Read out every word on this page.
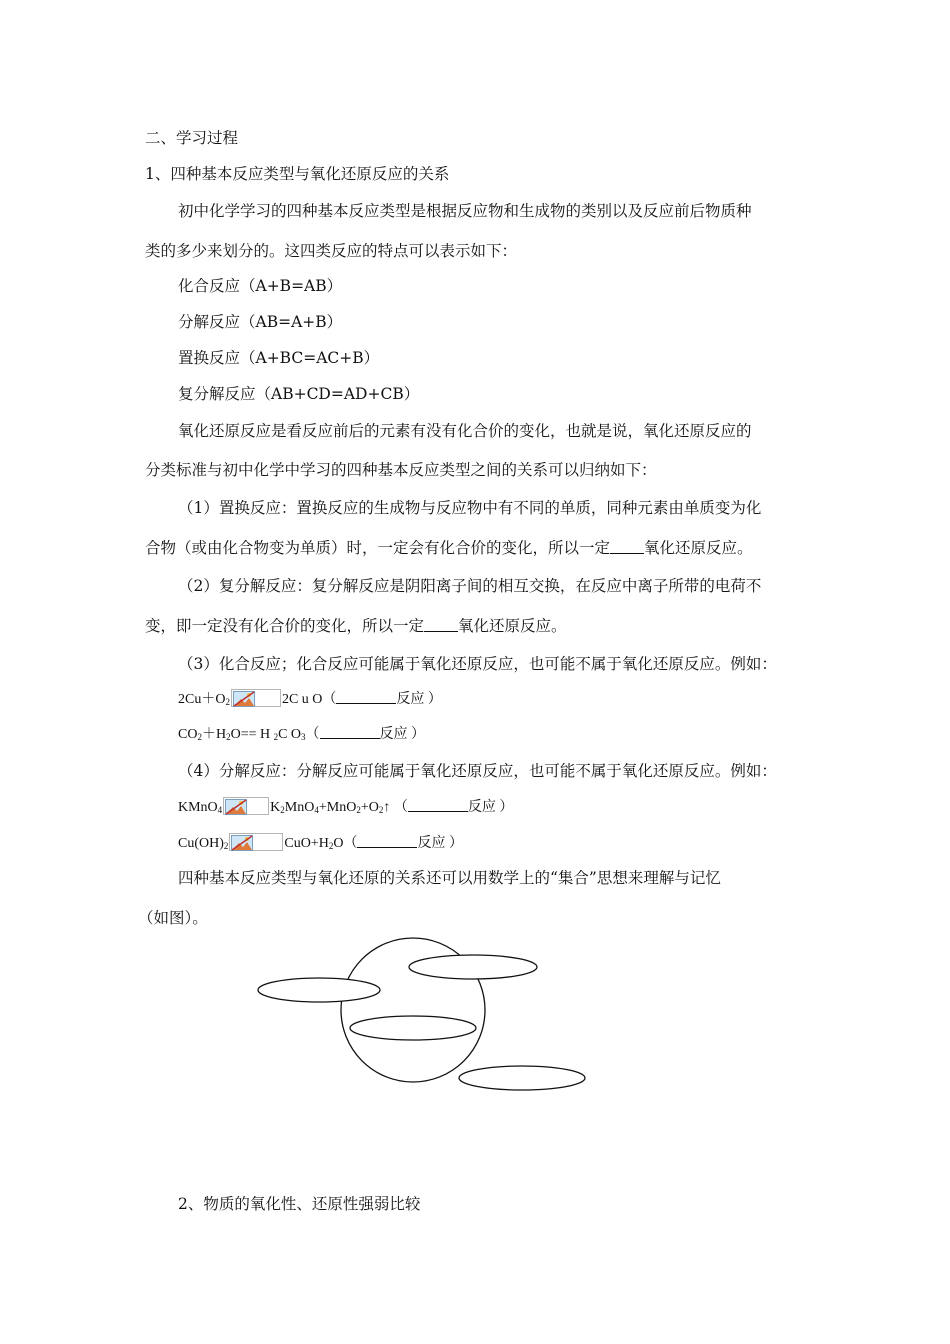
二、学习过程
1、四种基本反应类型与氧化还原反应的关系
初中化学学习的四种基本反应类型是根据反应物和生成物的类别以及反应前后物质种
类的多少来划分的。这四类反应的特点可以表示如下：
化合反应（A+B=AB）
分解反应（AB=A+B）
置换反应（A+BC=AC+B）
复分解反应（AB+CD=AD+CB）
氧化还原反应是看反应前后的元素有没有化合价的变化，也就是说，氧化还原反应的
分类标准与初中化学中学习的四种基本反应类型之间的关系可以归纳如下：
（1）置换反应：置换反应的生成物与反应物中有不同的单质，同种元素由单质变为化
合物（或由化合物变为单质）时，一定会有化合价的变化，所以一定 氧化还原反应。
（2）复分解反应：复分解反应是阴阳离子间的相互交换，在反应中离子所带的电荷不
变，即一定没有化合价的变化，所以一定 氧化还原反应。
（3）化合反应；化合反应可能属于氧化还原反应，也可能不属于氧化还原反应。例如：
$2Cu+O_2$	2C u O（	反应 ）
$CO_2+H_2O== H$ $_2$C $O_3$（	反应 ）
（4）分解反应：分解反应可能属于氧化还原反应，也可能不属于氧化还原反应。例如：
KMnO$_4$	$K_2MnO_4+MnO_2+O_2↑$ （	反应 ）
$Cu(OH)_2$	$CuO+H_2O$（	反应 ）
四种基本反应类型与氧化还原的关系还可以用数学上的“集合”思想来理解与记忆
（如图）。
2、物质的氧化性、还原性强弱比较
